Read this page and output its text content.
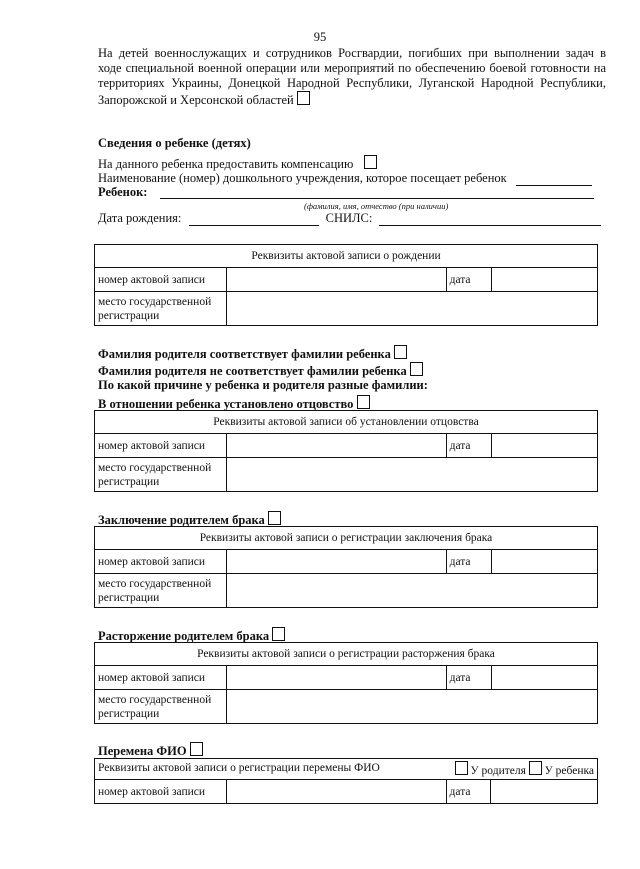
95
На детей военнослужащих и сотрудников Росгвардии, погибших при выполнении задач в
ходе специальной военной операции или мероприятий по обеспечению боевой готовности на
территориях Украины, Донецкой Народной Республики, Луганской Народной Республики,
Запорожской и Херсонской областей
Сведения о ребенке (детях)
На данного ребенка предоставить компенсацию
Наименование (номер) дошкольного учреждения, которое посещает ребенок
Ребенок:
(фамилия, имя, отчество (при наличии)
Дата рождения:	СНИЛС:
Реквизиты актовой записи о рождении			
номер актовой записи		дата	
место государственной
регистрации			
Фамилия родителя соответствует фамилии ребенка
Фамилия родителя не соответствует фамилии ребенка
По какой причине у ребенка и родителя разные фамилии:
В отношении ребенка установлено отцовство
Реквизиты актовой записи об установлении отцовства			
номер актовой записи		дата	
место государственной
регистрации			
Заключение родителем брака
Реквизиты актовой записи о регистрации заключения брака			
номер актовой записи		дата	
место государственной
регистрации			
Расторжение родителем брака
Реквизиты актовой записи о регистрации расторжения брака			
номер актовой записи		дата	
место государственной
регистрации			
Перемена ФИО
Реквизиты актовой записи о регистрации перемены ФИО	У родителя У ребенка

номер актовой записи		дата	
